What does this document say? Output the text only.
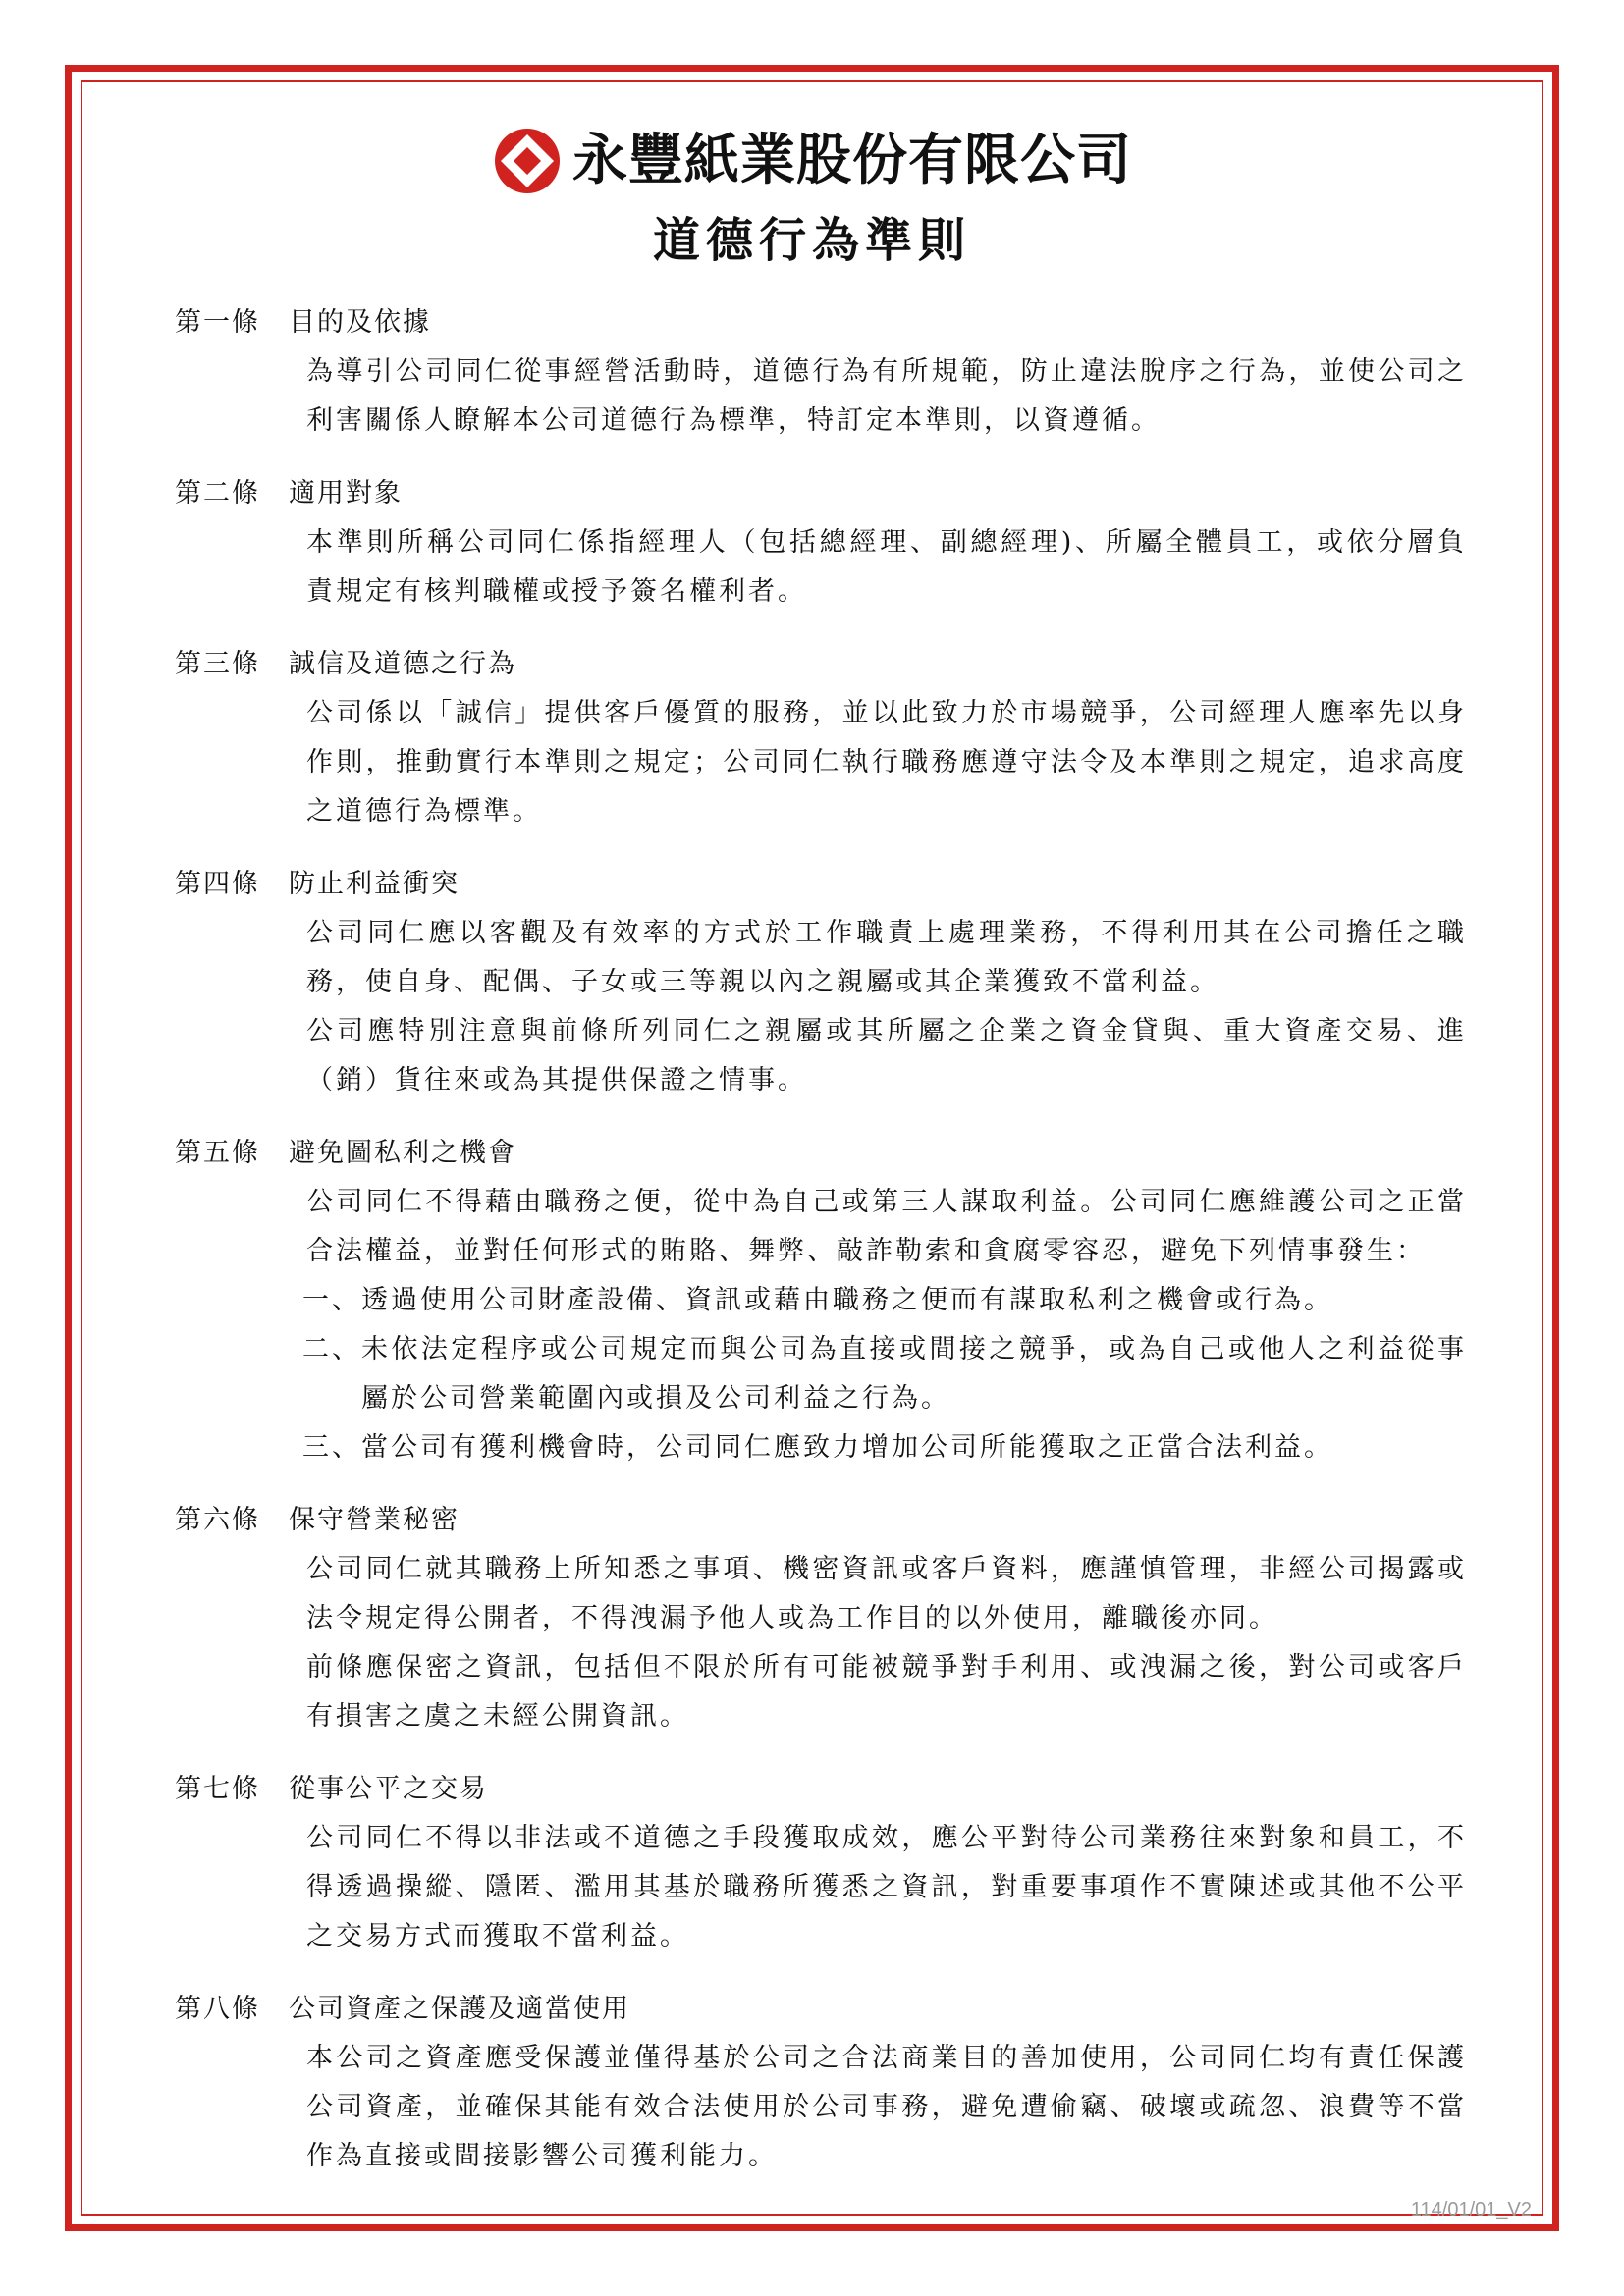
永豐紙業股份有限公司
道德行為準則
第一條	目的及依據
為導引公司同仁從事經營活動時，道德行為有所規範，防止違法脫序之行為，並使公司之利害關係人瞭解本公司道德行為標準，特訂定本準則，以資遵循。
第二條	適用對象
本準則所稱公司同仁係指經理人（包括總經理、副總經理)、所屬全體員工，或依分層負責規定有核判職權或授予簽名權利者。
第三條	誠信及道德之行為
公司係以「誠信」提供客戶優質的服務，並以此致力於市場競爭，公司經理人應率先以身作則，推動實行本準則之規定；公司同仁執行職務應遵守法令及本準則之規定，追求高度之道德行為標準。
第四條	防止利益衝突
公司同仁應以客觀及有效率的方式於工作職責上處理業務，不得利用其在公司擔任之職務，使自身、配偶、子女或三等親以內之親屬或其企業獲致不當利益。
公司應特別注意與前條所列同仁之親屬或其所屬之企業之資金貸與、重大資產交易、進（銷）貨往來或為其提供保證之情事。
第五條	避免圖私利之機會
公司同仁不得藉由職務之便，從中為自己或第三人謀取利益。公司同仁應維護公司之正當合法權益，並對任何形式的賄賂、舞弊、敲詐勒索和貪腐零容忍，避免下列情事發生：
一、 透過使用公司財產設備、資訊或藉由職務之便而有謀取私利之機會或行為。
二、 未依法定程序或公司規定而與公司為直接或間接之競爭，或為自己或他人之利益從事屬於公司營業範圍內或損及公司利益之行為。
三、 當公司有獲利機會時，公司同仁應致力增加公司所能獲取之正當合法利益。
第六條	保守營業秘密
公司同仁就其職務上所知悉之事項、機密資訊或客戶資料，應謹慎管理，非經公司揭露或法令規定得公開者，不得洩漏予他人或為工作目的以外使用，離職後亦同。
前條應保密之資訊，包括但不限於所有可能被競爭對手利用、或洩漏之後，對公司或客戶有損害之虞之未經公開資訊。
第七條	從事公平之交易
公司同仁不得以非法或不道德之手段獲取成效，應公平對待公司業務往來對象和員工，不得透過操縱、隱匿、濫用其基於職務所獲悉之資訊，對重要事項作不實陳述或其他不公平之交易方式而獲取不當利益。
第八條	公司資產之保護及適當使用
本公司之資產應受保護並僅得基於公司之合法商業目的善加使用，公司同仁均有責任保護公司資產，並確保其能有效合法使用於公司事務，避免遭偷竊、破壞或疏忽、浪費等不當作為直接或間接影響公司獲利能力。
114/01/01_V2
